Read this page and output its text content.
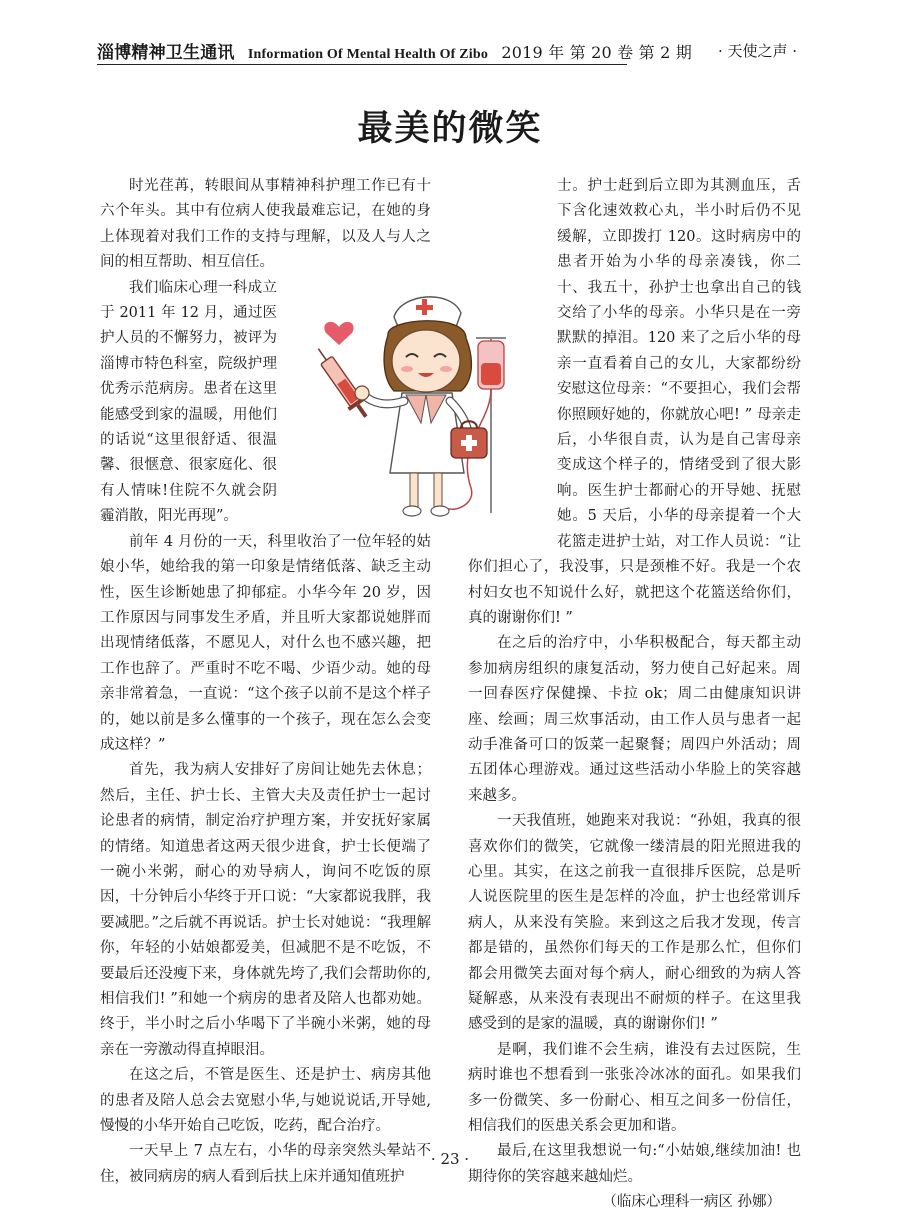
淄博精神卫生通讯 Information Of Mental Health Of Zibo 2019 年 第 20 卷 第 2 期 · 天使之声 ·
最美的微笑

时光荏苒，转眼间从事精神科护理工作已有十六个年头。其中有位病人使我最难忘记，在她的身上体现着对我们工作的支持与理解，以及人与人之间的相互帮助、相互信任。

我们临床心理一科成立于 2011 年 12 月，通过医护人员的不懈努力，被评为淄博市特色科室，院级护理优秀示范病房。患者在这里能感受到家的温暖，用他们的话说“这里很舒适、很温馨、很惬意、很家庭化、很有人情味!住院不久就会阴霾消散，阳光再现”。

前年 4 月份的一天，科里收治了一位年轻的姑娘小华，她给我的第一印象是情绪低落、缺乏主动性，医生诊断她患了抑郁症。小华今年 20 岁，因工作原因与同事发生矛盾，并且听大家都说她胖而出现情绪低落，不愿见人，对什么也不感兴趣，把工作也辞了。严重时不吃不喝、少语少动。她的母亲非常着急，一直说：“这个孩子以前不是这个样子的，她以前是多么懂事的一个孩子，现在怎么会变成这样？”

首先，我为病人安排好了房间让她先去休息；然后，主任、护士长、主管大夫及责任护士一起讨论患者的病情，制定治疗护理方案，并安抚好家属的情绪。知道患者这两天很少进食，护士长便端了一碗小米粥，耐心的劝导病人，询问不吃饭的原因，十分钟后小华终于开口说：“大家都说我胖，我要减肥。”之后就不再说话。护士长对她说：“我理解你，年轻的小姑娘都爱美，但减肥不是不吃饭，不要最后还没瘦下来，身体就先垮了,我们会帮助你的,相信我们! ”和她一个病房的患者及陪人也都劝她。终于，半小时之后小华喝下了半碗小米粥，她的母亲在一旁激动得直掉眼泪。

在这之后，不管是医生、还是护士、病房其他的患者及陪人总会去宽慰小华,与她说说话,开导她,慢慢的小华开始自己吃饭，吃药，配合治疗。

一天早上 7 点左右，小华的母亲突然头晕站不住，被同病房的病人看到后扶上床并通知值班护

士。护士赶到后立即为其测血压，舌下含化速效救心丸，半小时后仍不见缓解，立即拨打 120。这时病房中的患者开始为小华的母亲凑钱，你二十、我五十，孙护士也拿出自己的钱交给了小华的母亲。小华只是在一旁默默的掉泪。120 来了之后小华的母亲一直看着自己的女儿，大家都纷纷安慰这位母亲：“不要担心，我们会帮你照顾好她的，你就放心吧! ” 母亲走后，小华很自责，认为是自己害母亲变成这个样子的，情绪受到了很大影响。医生护士都耐心的开导她、抚慰她。5 天后，小华的母亲提着一个大花篮走进护士站，对工作人员说：“让你们担心了，我没事，只是颈椎不好。我是一个农村妇女也不知说什么好，就把这个花篮送给你们，真的谢谢你们! ”

在之后的治疗中，小华积极配合，每天都主动参加病房组织的康复活动，努力使自己好起来。周一回春医疗保健操、卡拉 ok；周二由健康知识讲座、绘画；周三炊事活动，由工作人员与患者一起动手准备可口的饭菜一起聚餐；周四户外活动；周五团体心理游戏。通过这些活动小华脸上的笑容越来越多。

一天我值班，她跑来对我说：“孙姐，我真的很喜欢你们的微笑，它就像一缕清晨的阳光照进我的心里。其实，在这之前我一直很排斥医院，总是听人说医院里的医生是怎样的冷血，护士也经常训斥病人，从来没有笑脸。来到这之后我才发现，传言都是错的，虽然你们每天的工作是那么忙，但你们都会用微笑去面对每个病人，耐心细致的为病人答疑解惑，从来没有表现出不耐烦的样子。在这里我感受到的是家的温暖，真的谢谢你们! ”

是啊，我们谁不会生病，谁没有去过医院，生病时谁也不想看到一张张冷冰冰的面孔。如果我们多一份微笑、多一份耐心、相互之间多一份信任，相信我们的医患关系会更加和谐。

最后,在这里我想说一句:“小姑娘,继续加油! 也期待你的笑容越来越灿烂。

（临床心理科一病区 孙娜）

· 23 ·
